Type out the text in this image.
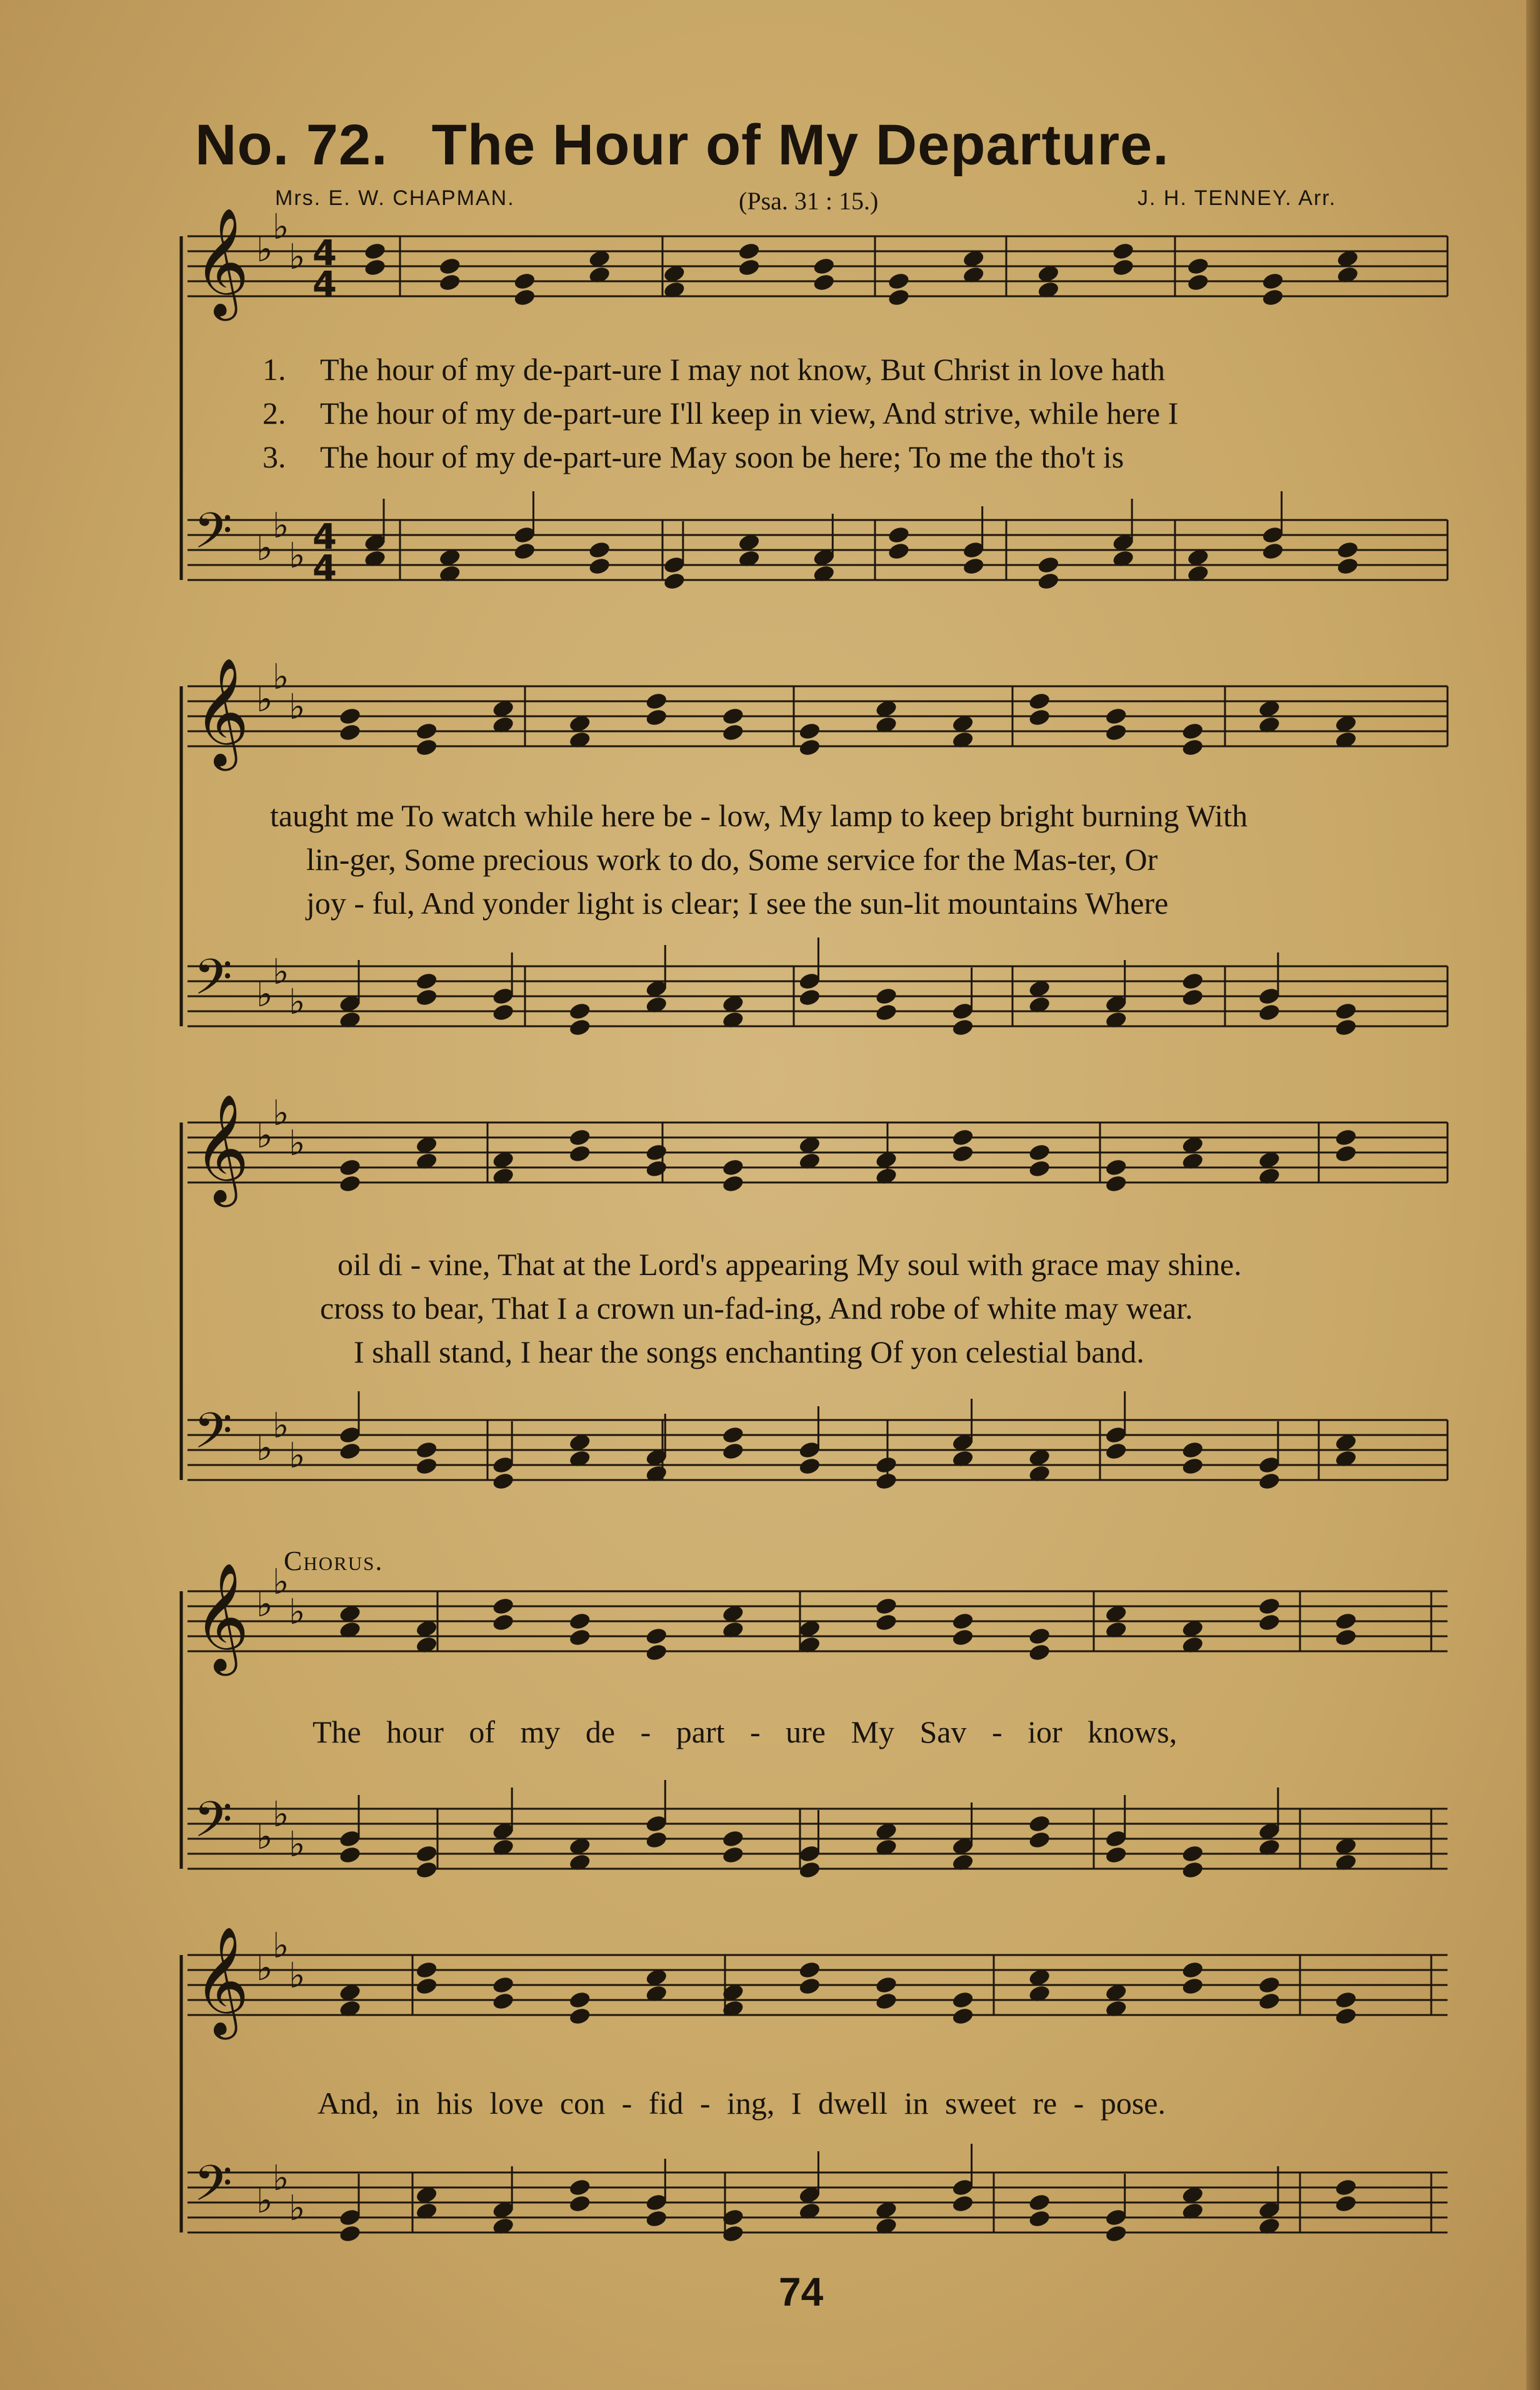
No. 72. The Hour of My Departure.
Mrs. E. W. CHAPMAN.	(Psa. 31 : 15.)	J. H. TENNEY. Arr.
𝄞 ♭
♭
♭ 4
4
𝄢 ♭
♭
♭ 4
4
𝄞 ♭
♭
♭
𝄢 ♭
♭
♭
𝄞 ♭
♭
♭
𝄢 ♭
♭
♭
𝄞 ♭
♭
♭
𝄢 ♭
♭
♭
𝄞 ♭
♭
♭
𝄢 ♭
♭
♭
1. The hour of my de-part-ure I may not know, But Christ in love hath
2. The hour of my de-part-ure I'll keep in view, And strive, while here I
3. The hour of my de-part-ure May soon be here; To me the tho't is
taught me To watch while here be - low, My lamp to keep bright burning With
lin-ger, Some precious work to do, Some service for the Mas-ter, Or
joy - ful, And yonder light is clear; I see the sun-lit mountains Where
oil di - vine, That at the Lord's appearing My soul with grace may shine.
cross to bear, That I a crown un-fad-ing, And robe of white may wear.
I shall stand, I hear the songs enchanting Of yon celestial band.
Chorus.
The hour of my de - part - ure My Sav - ior knows,
And, in his love con - fid - ing, I dwell in sweet re - pose.
74
